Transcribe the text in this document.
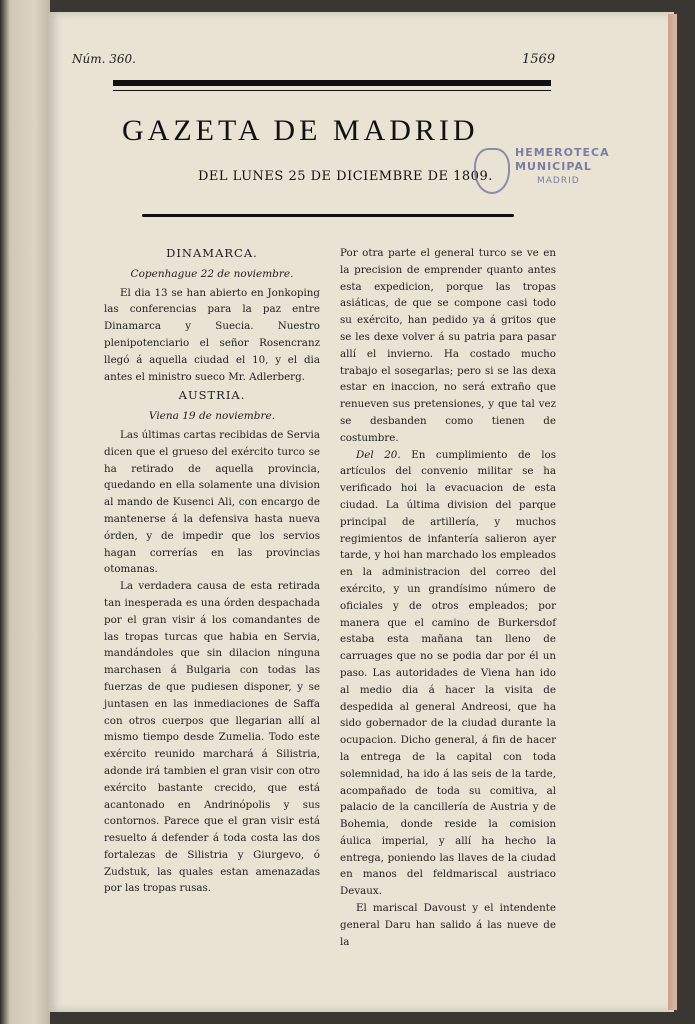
Núm. 360.	1569
GAZETA DE MADRID
DEL LUNES 25 DE DICIEMBRE DE 1809.
HEMEROTECA
MUNICIPAL
MADRID
DINAMARCA.
Copenhague 22 de noviembre.

El dia 13 se han abierto en Jonkoping las conferencias para la paz entre Dinamarca y Suecia. Nuestro plenipotenciario el señor Rosencranz llegó á aquella ciudad el 10, y el dia antes el ministro sueco Mr. Adlerberg.

AUSTRIA.
Viena 19 de noviembre.

Las últimas cartas recibidas de Servia dicen que el grueso del exército turco se ha retirado de aquella provincia, quedando en ella solamente una division al mando de Kusenci Ali, con encargo de mantenerse á la defensiva hasta nueva órden, y de impedir que los servios hagan correrías en las provincias otomanas.

La verdadera causa de esta retirada tan inesperada es una órden despachada por el gran visir á los comandantes de las tropas turcas que habia en Servia, mandándoles que sin dilacion ninguna marchasen á Bulgaria con todas las fuerzas de que pudiesen disponer, y se juntasen en las inmediaciones de Saffa con otros cuerpos que llegarian allí al mismo tiempo desde Zumelia. Todo este exército reunido marchará á Silistria, adonde irá tambien el gran visir con otro exército bastante crecido, que está acantonado en Andrinópolis y sus contornos. Parece que el gran visir está resuelto á defender á toda costa las dos fortalezas de Silistria y Giurgevo, ó Zudstuk, las quales estan amenazadas por las tropas rusas.

Por otra parte el general turco se ve en la precision de emprender quanto antes esta expedicion, porque las tropas asiáticas, de que se compone casi todo su exército, han pedido ya á gritos que se les dexe volver á su patria para pasar allí el invierno. Ha costado mucho trabajo el sosegarlas; pero si se las dexa estar en inaccion, no será extraño que renueven sus pretensiones, y que tal vez se desbanden como tienen de costumbre.

Del 20. En cumplimiento de los artículos del convenio militar se ha verificado hoi la evacuacion de esta ciudad. La última division del parque principal de artillería, y muchos regimientos de infantería salieron ayer tarde, y hoi han marchado los empleados en la administracion del correo del exército, y un grandísimo número de oficiales y de otros empleados; por manera que el camino de Burkersdof estaba esta mañana tan lleno de carruages que no se podia dar por él un paso. Las autoridades de Viena han ido al medio dia á hacer la visita de despedida al general Andreosi, que ha sido gobernador de la ciudad durante la ocupacion. Dicho general, á fin de hacer la entrega de la capital con toda solemnidad, ha ido á las seis de la tarde, acompañado de toda su comitiva, al palacio de la cancillería de Austria y de Bohemia, donde reside la comision áulica imperial, y allí ha hecho la entrega, poniendo las llaves de la ciudad en manos del feldmariscal austriaco Devaux.

El mariscal Davoust y el intendente general Daru han salido á las nueve de la
